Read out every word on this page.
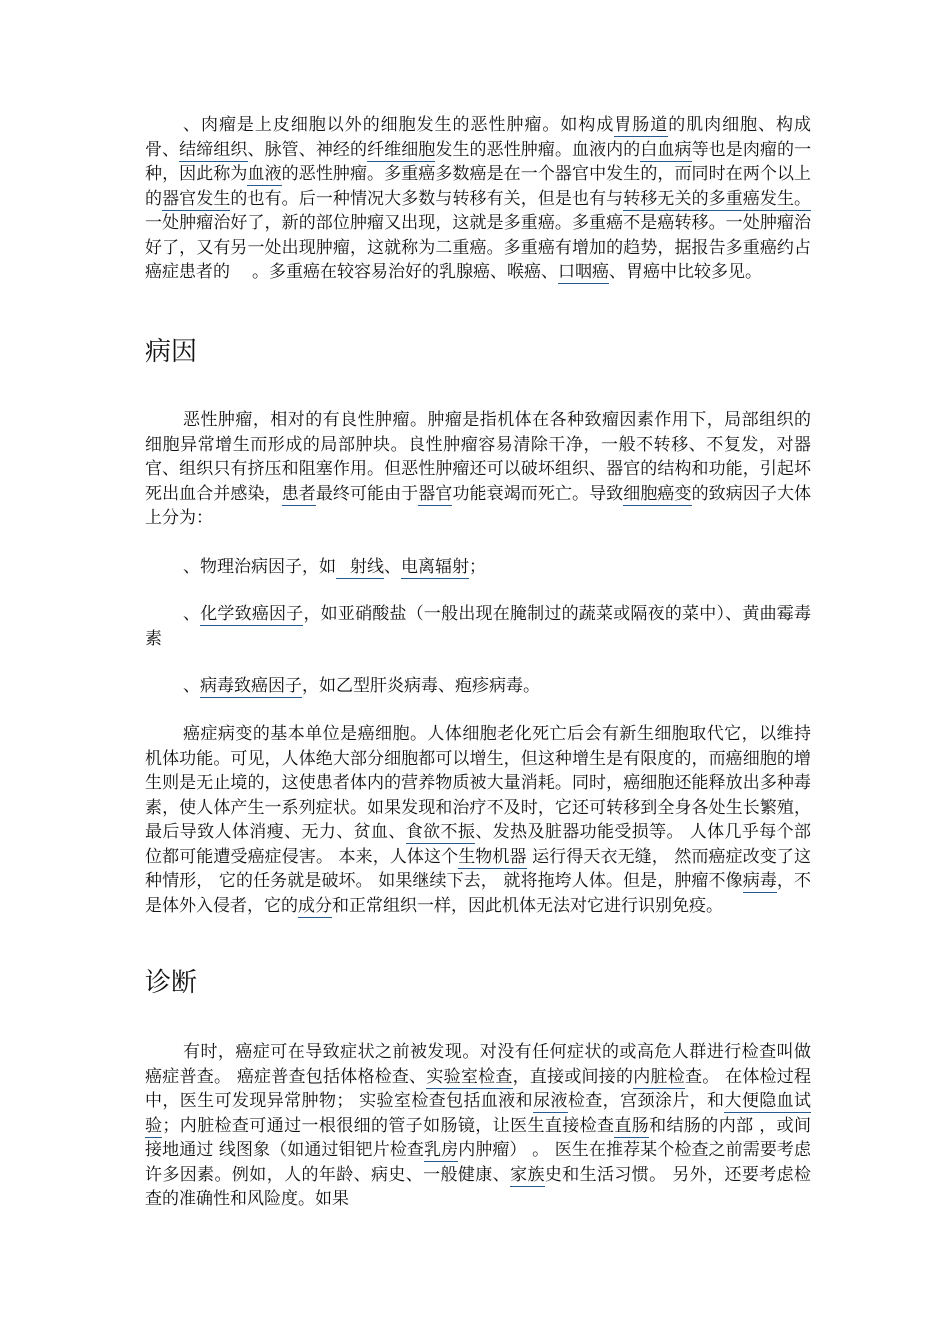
、肉瘤是上皮细胞以外的细胞发生的恶性肿瘤。如构成胃肠道的肌肉细胞、构成骨、结缔组织、脉管、神经的纤维细胞发生的恶性肿瘤。血液内的白血病等也是肉瘤的一种，因此称为血液的恶性肿瘤。多重癌多数癌是在一个器官中发生的，而同时在两个以上的器官发生的也有。后一种情况大多数与转移有关，但是也有与转移无关的多重癌发生。一处肿瘤治好了，新的部位肿瘤又出现，这就是多重癌。多重癌不是癌转移。一处肿瘤治好了，又有另一处出现肿瘤，这就称为二重癌。多重癌有增加的趋势，据报告多重癌约占癌症患者的 。多重癌在较容易治好的乳腺癌、喉癌、口咽癌、胃癌中比较多见。
病因
恶性肿瘤，相对的有良性肿瘤。肿瘤是指机体在各种致瘤因素作用下，局部组织的细胞异常增生而形成的局部肿块。良性肿瘤容易清除干净，一般不转移、不复发，对器官、组织只有挤压和阻塞作用。但恶性肿瘤还可以破坏组织、器官的结构和功能，引起坏死出血合并感染，患者最终可能由于器官功能衰竭而死亡。导致细胞癌变的致病因子大体上分为：
、物理治病因子，如 射线、电离辐射；
、化学致癌因子，如亚硝酸盐（一般出现在腌制过的蔬菜或隔夜的菜中）、黄曲霉毒素
、病毒致癌因子，如乙型肝炎病毒、疱疹病毒。
癌症病变的基本单位是癌细胞。人体细胞老化死亡后会有新生细胞取代它，以维持机体功能。可见，人体绝大部分细胞都可以增生，但这种增生是有限度的，而癌细胞的增生则是无止境的，这使患者体内的营养物质被大量消耗。同时，癌细胞还能释放出多种毒素，使人体产生一系列症状。如果发现和治疗不及时，它还可转移到全身各处生长繁殖，最后导致人体消瘦、无力、贫血、食欲不振、发热及脏器功能受损等。 人体几乎每个部位都可能遭受癌症侵害。 本来，人体这个生物机器 运行得天衣无缝， 然而癌症改变了这种情形， 它的任务就是破坏。 如果继续下去， 就将拖垮人体。但是，肿瘤不像病毒，不是体外入侵者，它的成分和正常组织一样，因此机体无法对它进行识别免疫。
诊断
有时，癌症可在导致症状之前被发现。对没有任何症状的或高危人群进行检查叫做癌症普查。 癌症普查包括体格检查、实验室检查，直接或间接的内脏检查。 在体检过程中，医生可发现异常肿物； 实验室检查包括血液和尿液检查，宫颈涂片，和大便隐血试验；内脏检查可通过一根很细的管子如肠镜，让医生直接检查直肠和结肠的内部 ，或间接地通过 线图象（如通过钼钯片检查乳房内肿瘤） 。 医生在推荐某个检查之前需要考虑许多因素。例如，人的年龄、病史、一般健康、家族史和生活习惯。 另外，还要考虑检查的准确性和风险度。如果
